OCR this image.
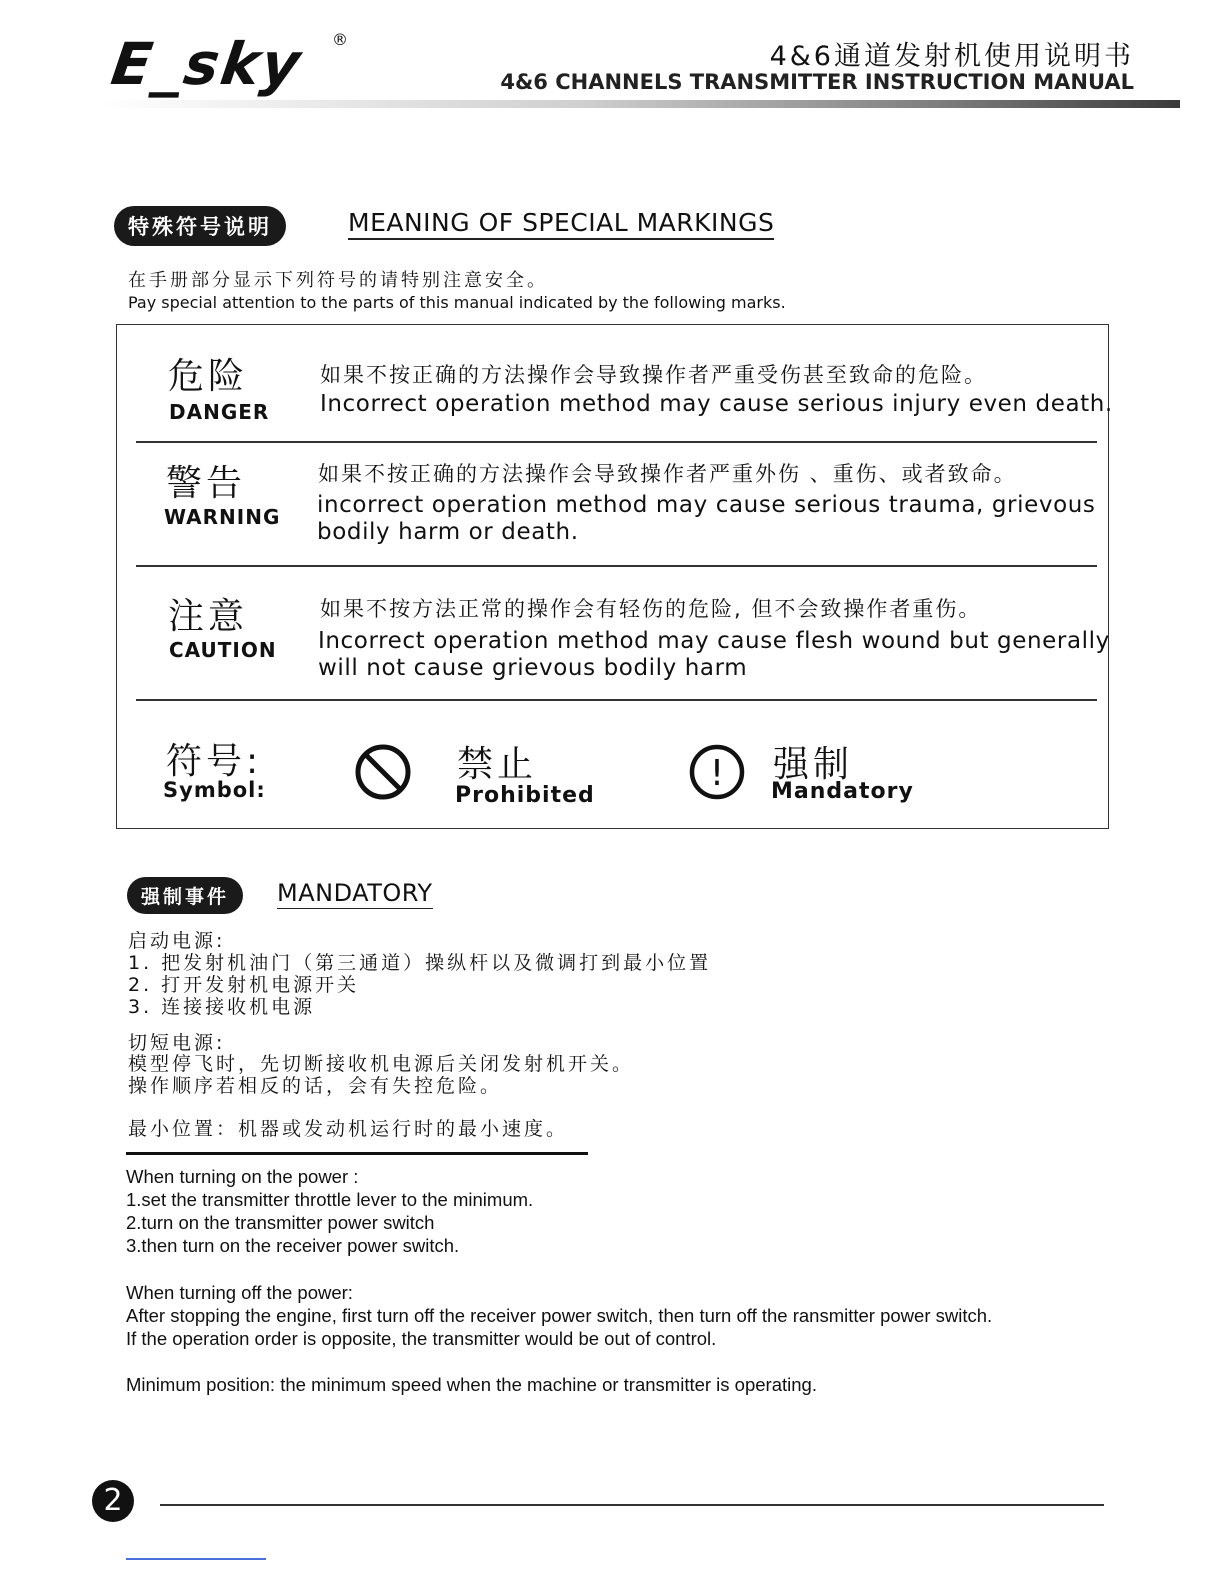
E_sky ®
4&6通道发射机使用说明书
4&6 CHANNELS TRANSMITTER INSTRUCTION MANUAL
特殊符号说明	MEANING OF SPECIAL MARKINGS
在手册部分显示下列符号的请特别注意安全。
Pay special attention to the parts of this manual indicated by the following marks.
危险
DANGER
如果不按正确的方法操作会导致操作者严重受伤甚至致命的危险。
Incorrect operation method may cause serious injury even death.
警告
WARNING
如果不按正确的方法操作会导致操作者严重外伤 、重伤、或者致命。
incorrect operation method may cause serious trauma, grievous
bodily harm or death.
注意
CAUTION
如果不按方法正常的操作会有轻伤的危险, 但不会致操作者重伤。
Incorrect operation method may cause flesh wound but generally
will not cause grievous bodily harm
符号:
Symbol:
禁止
Prohibited
! 强制
Mandatory
强制事件	MANDATORY
启动电源:
1. 把发射机油门（第三通道）操纵杆以及微调打到最小位置
2. 打开发射机电源开关
3. 连接接收机电源
切短电源:
模型停飞时，先切断接收机电源后关闭发射机开关。
操作顺序若相反的话，会有失控危险。
最小位置：机器或发动机运行时的最小速度。
When turning on the power :
1.set the transmitter throttle lever to the minimum.
2.turn on the transmitter power switch
3.then turn on the receiver power switch.
When turning off the power:
After stopping the engine, first turn off the receiver power switch, then turn off the ransmitter power switch.
If the operation order is opposite, the transmitter would be out of control.
Minimum position: the minimum speed when the machine or transmitter is operating.
2
